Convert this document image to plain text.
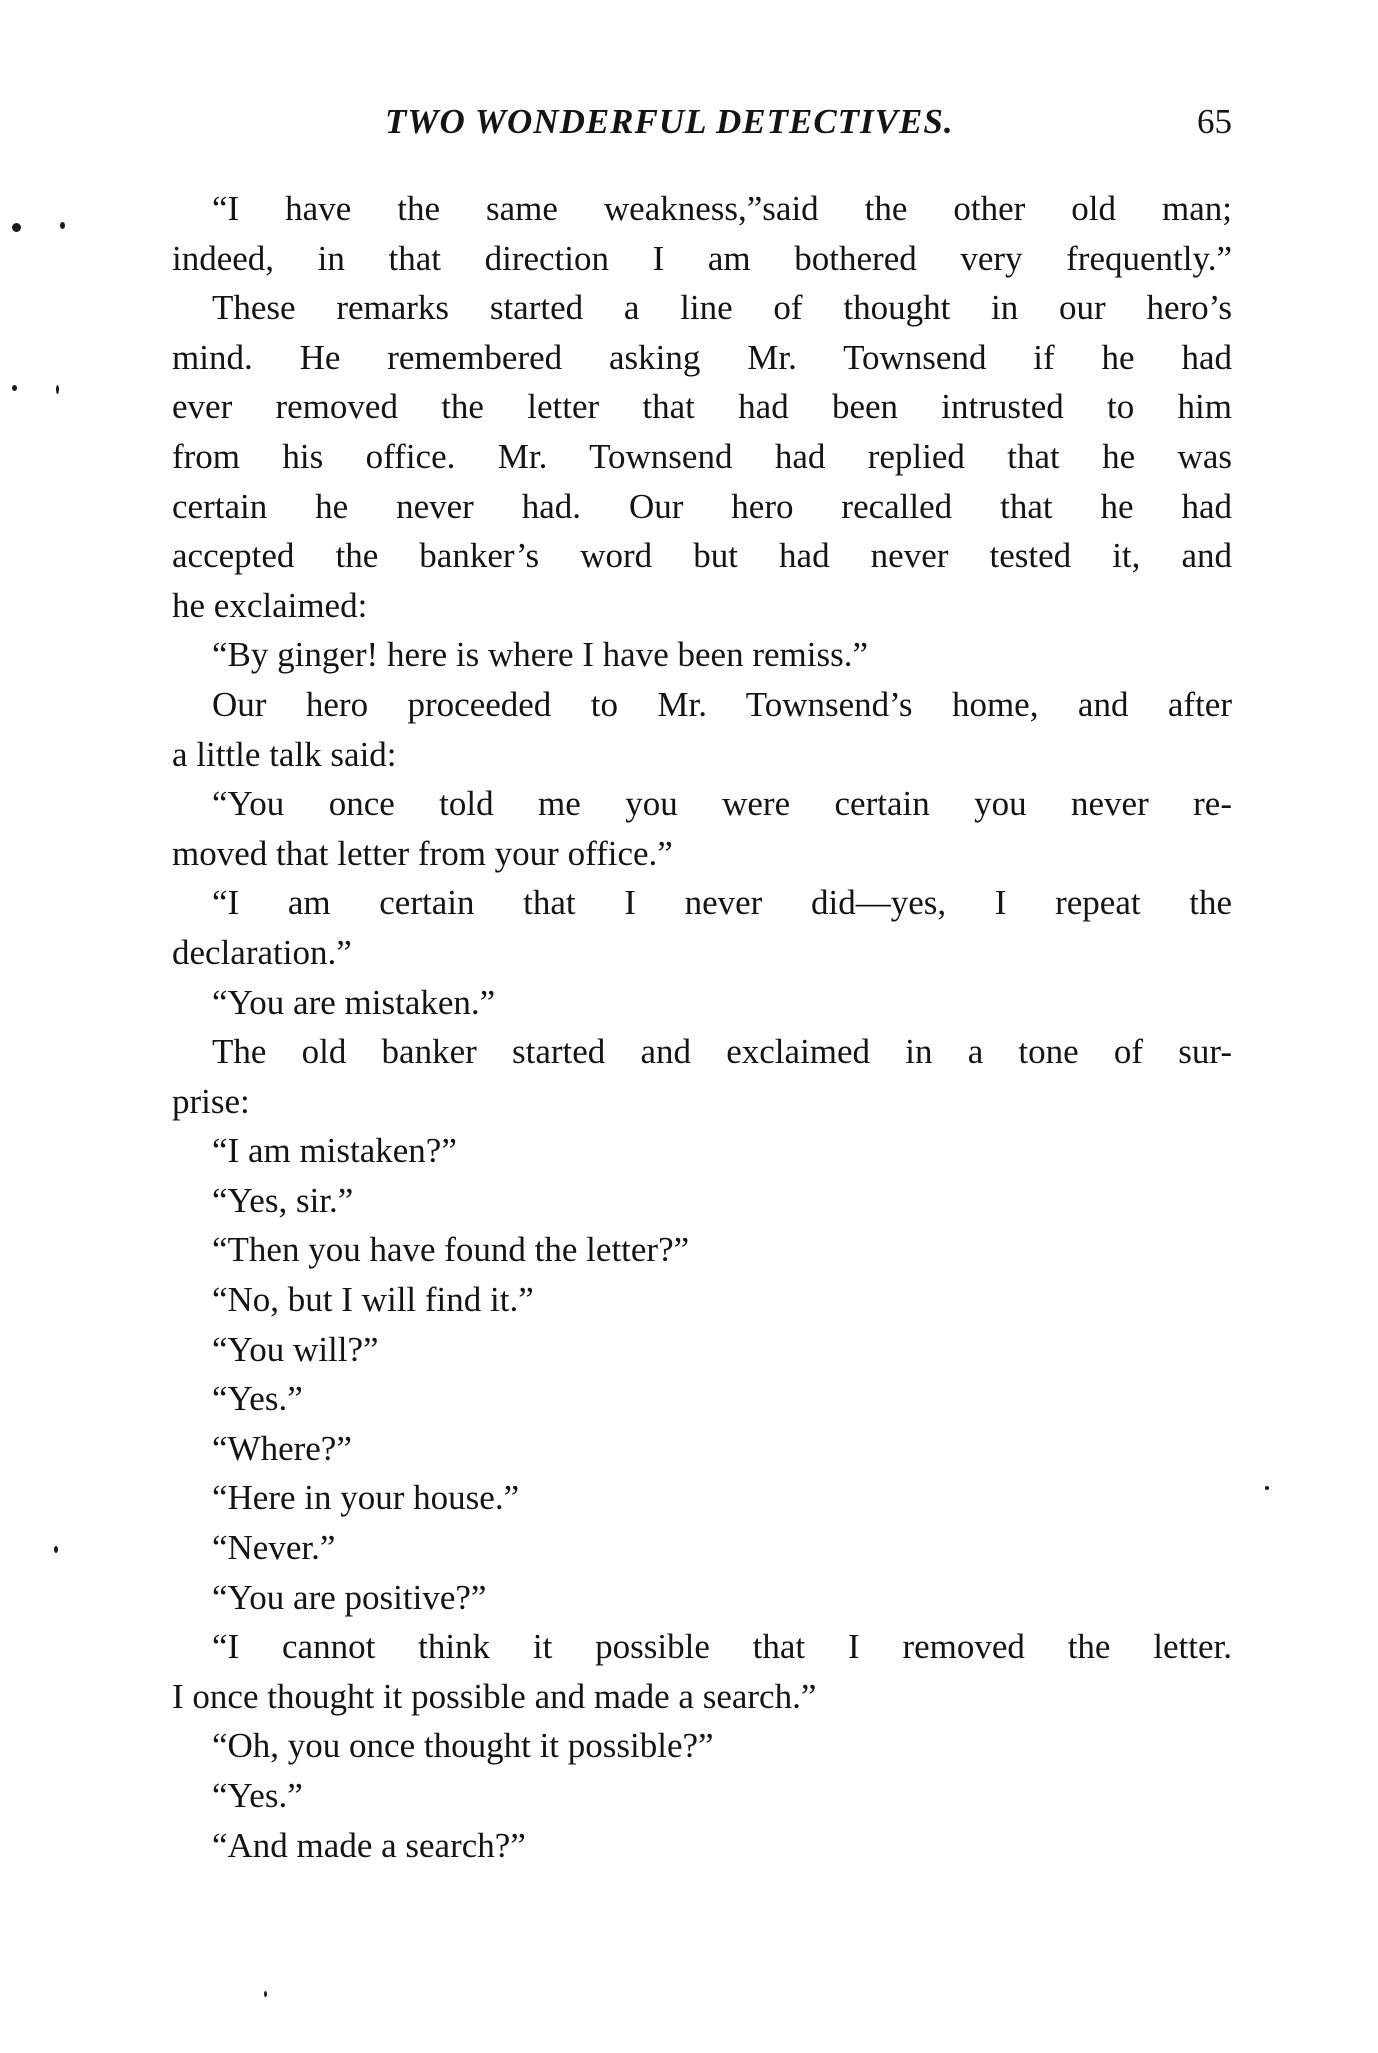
TWO WONDERFUL DETECTIVES.	65
“I have the same weakness,”said the other old man;
indeed, in that direction I am bothered very frequently.”
These remarks started a line of thought in our hero’s
mind. He remembered asking Mr. Townsend if he had
ever removed the letter that had been intrusted to him
from his office. Mr. Townsend had replied that he was
certain he never had. Our hero recalled that he had
accepted the banker’s word but had never tested it, and
he exclaimed:
“By ginger! here is where I have been remiss.”
Our hero proceeded to Mr. Townsend’s home, and after
a little talk said:
“You once told me you were certain you never re-
moved that letter from your office.”
“I am certain that I never did—yes, I repeat the
declaration.”
“You are mistaken.”
The old banker started and exclaimed in a tone of sur-
prise:
“I am mistaken?”
“Yes, sir.”
“Then you have found the letter?”
“No, but I will find it.”
“You will?”
“Yes.”
“Where?”
“Here in your house.”
“Never.”
“You are positive?”
“I cannot think it possible that I removed the letter.
I once thought it possible and made a search.”
“Oh, you once thought it possible?”
“Yes.”
“And made a search?”
